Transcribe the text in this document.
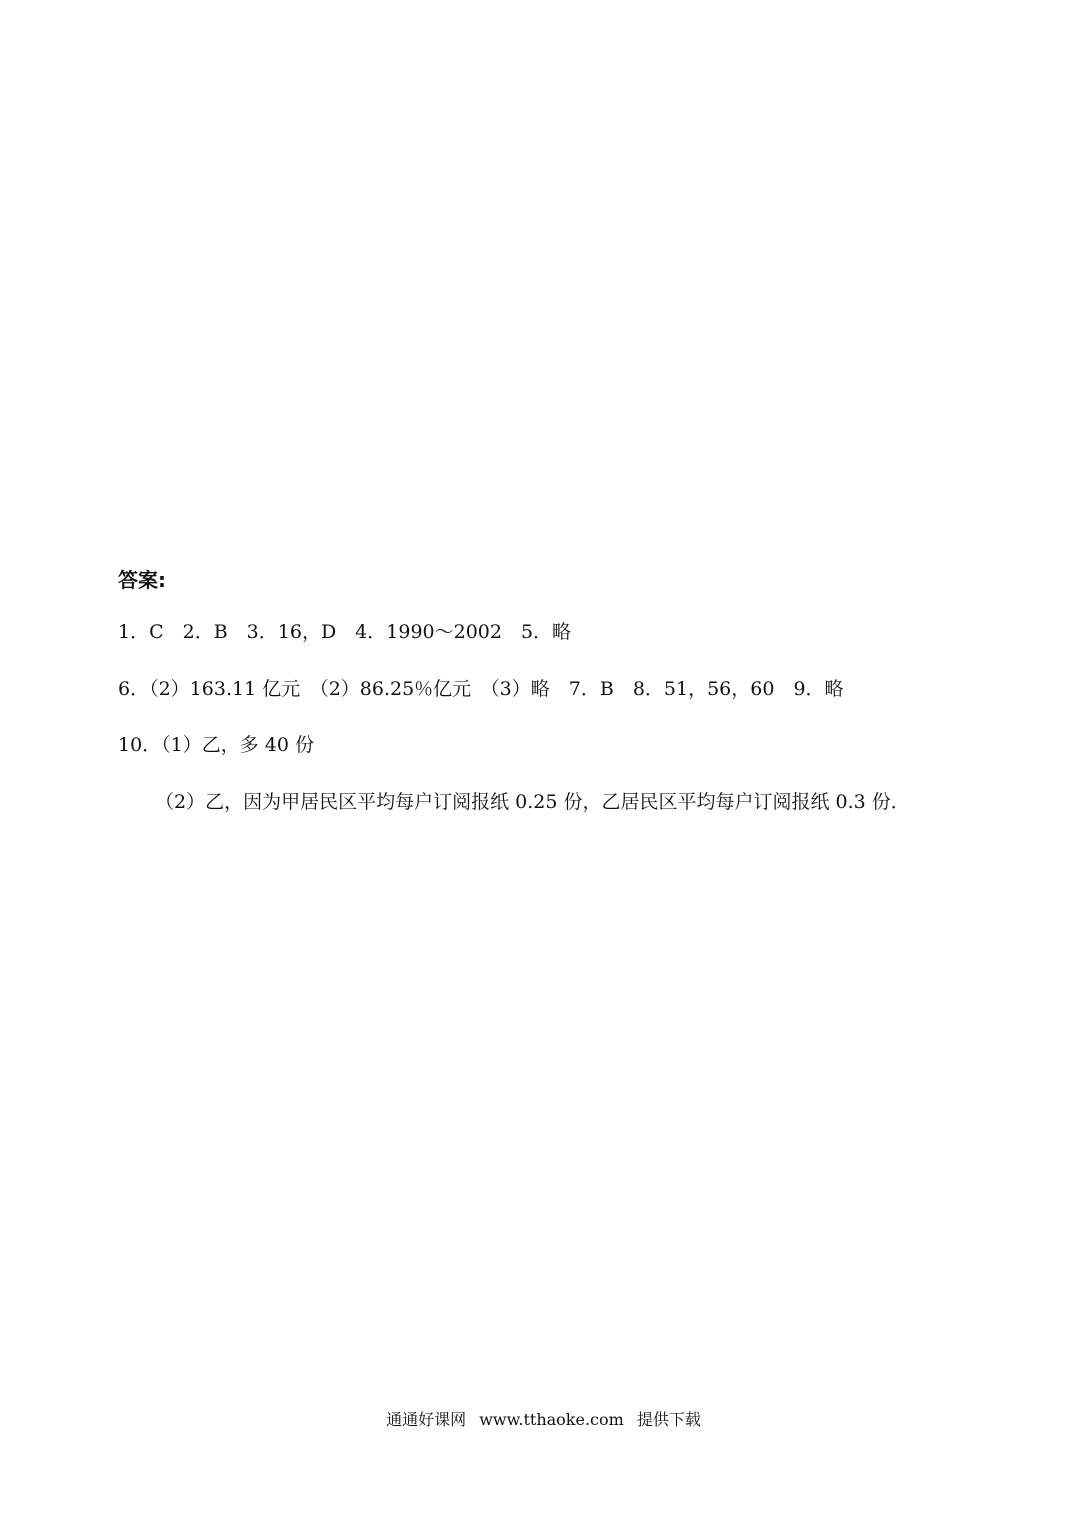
答案:
1．C　2．B　3．16，D　4．1990～2002　5．略
6．（2）163.11 亿元　（2）86.25％亿元　（3）略　7．B　8．51，56，60　9．略
10．（1）乙，多 40 份
（2）乙，因为甲居民区平均每户订阅报纸 0.25 份，乙居民区平均每户订阅报纸 0.3 份．
通通好课网 www.tthaoke.com 提供下载
